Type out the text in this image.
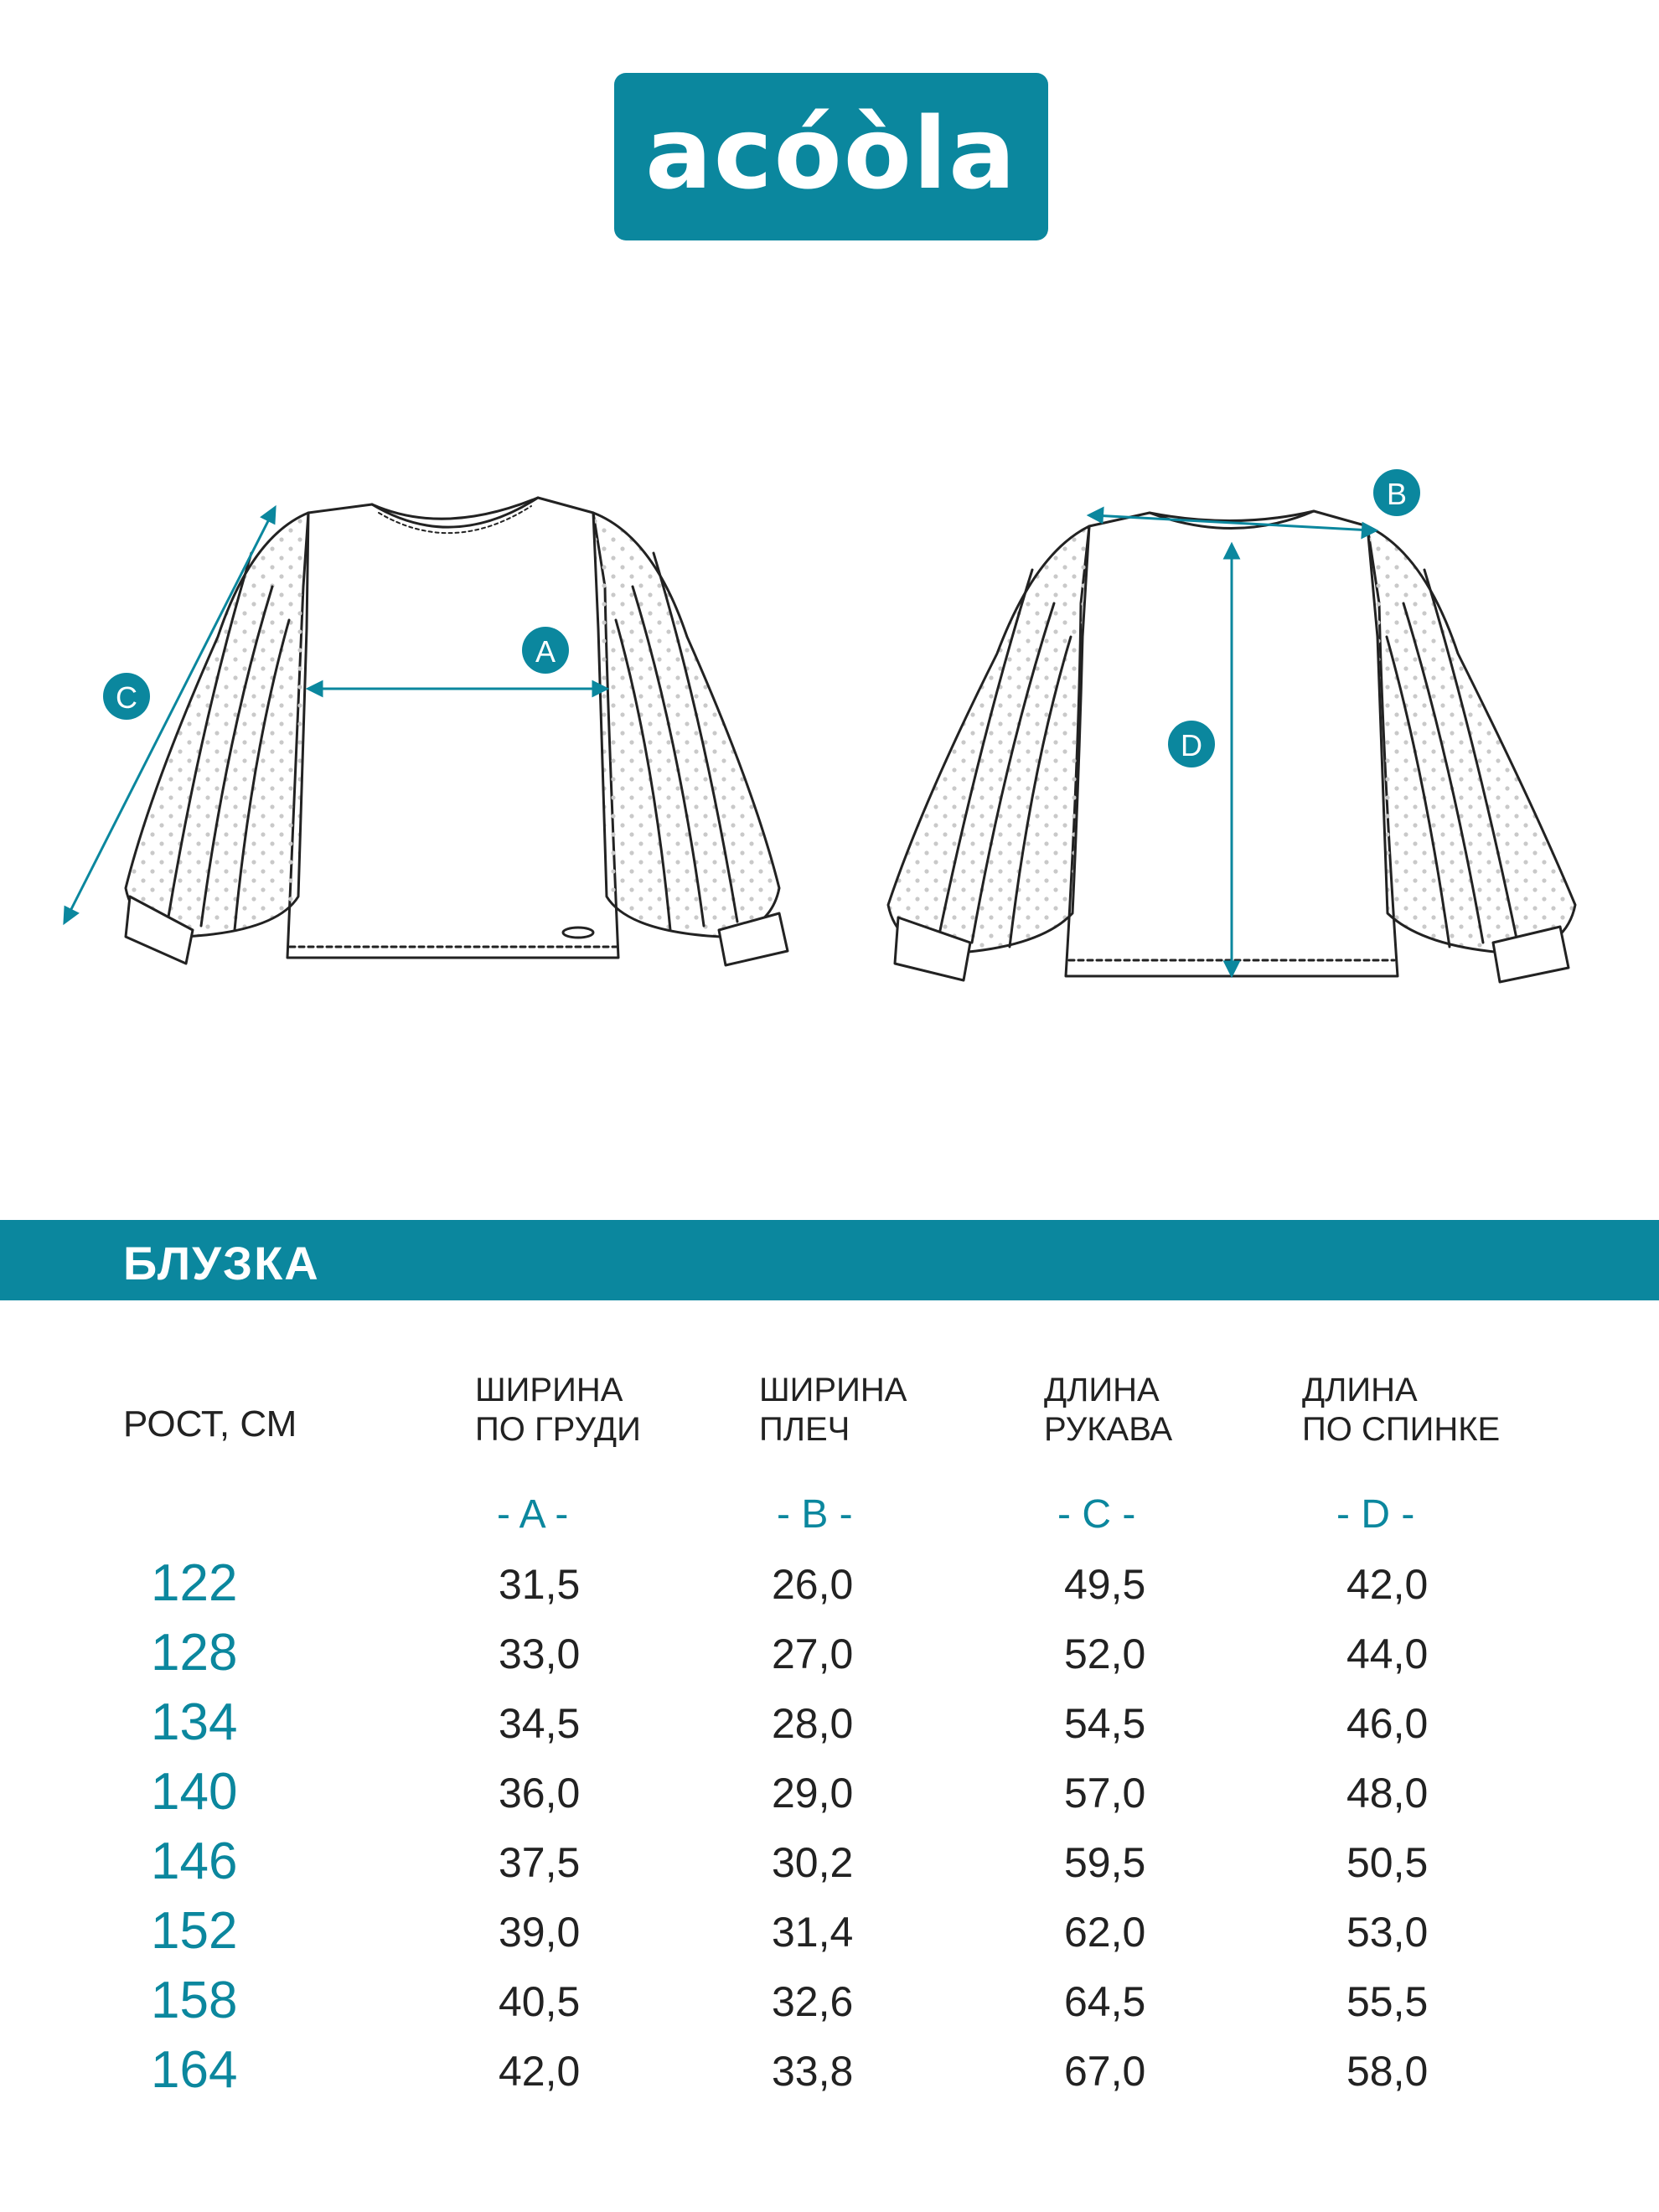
acóòla
A
B
C
D
БЛУЗКА
РОСТ, СМ
ШИРИНА
ПО ГРУДИ
ШИРИНА
ПЛЕЧ
ДЛИНА
РУКАВА
ДЛИНА
ПО СПИНКЕ
- A -	- B -	- C -	- D -
122	31,5	26,0	49,5	42,0
128	33,0	27,0	52,0	44,0
134	34,5	28,0	54,5	46,0
140	36,0	29,0	57,0	48,0
146	37,5	30,2	59,5	50,5
152	39,0	31,4	62,0	53,0
158	40,5	32,6	64,5	55,5
164	42,0	33,8	67,0	58,0
